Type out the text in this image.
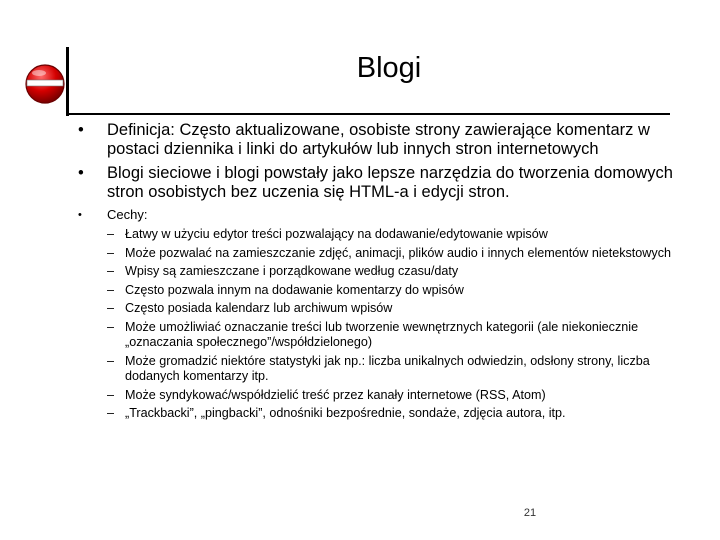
Blogi
• Definicja: Często aktualizowane, osobiste strony zawierające komentarz w postaci dziennika i linki do artykułów lub innych stron internetowych
• Blogi sieciowe i blogi powstały jako lepsze narzędzia do tworzenia domowych stron osobistych bez uczenia się HTML-a i edycji stron.
• Cechy:
– Łatwy w użyciu edytor treści pozwalający na dodawanie/edytowanie wpisów
– Może pozwalać na zamieszczanie zdjęć, animacji, plików audio i innych elementów nietekstowych
– Wpisy są zamieszczane i porządkowane według czasu/daty
– Często pozwala innym na dodawanie komentarzy do wpisów
– Często posiada kalendarz lub archiwum wpisów
– Może umożliwiać oznaczanie treści lub tworzenie wewnętrznych kategorii (ale niekoniecznie „oznaczania społecznego”/współdzielonego)
– Może gromadzić niektóre statystyki jak np.: liczba unikalnych odwiedzin, odsłony strony, liczba dodanych komentarzy itp.
– Może syndykować/współdzielić treść przez kanały internetowe (RSS, Atom)
– „Trackbacki”, „pingbacki”, odnośniki bezpośrednie, sondaże, zdjęcia autora, itp.
21
